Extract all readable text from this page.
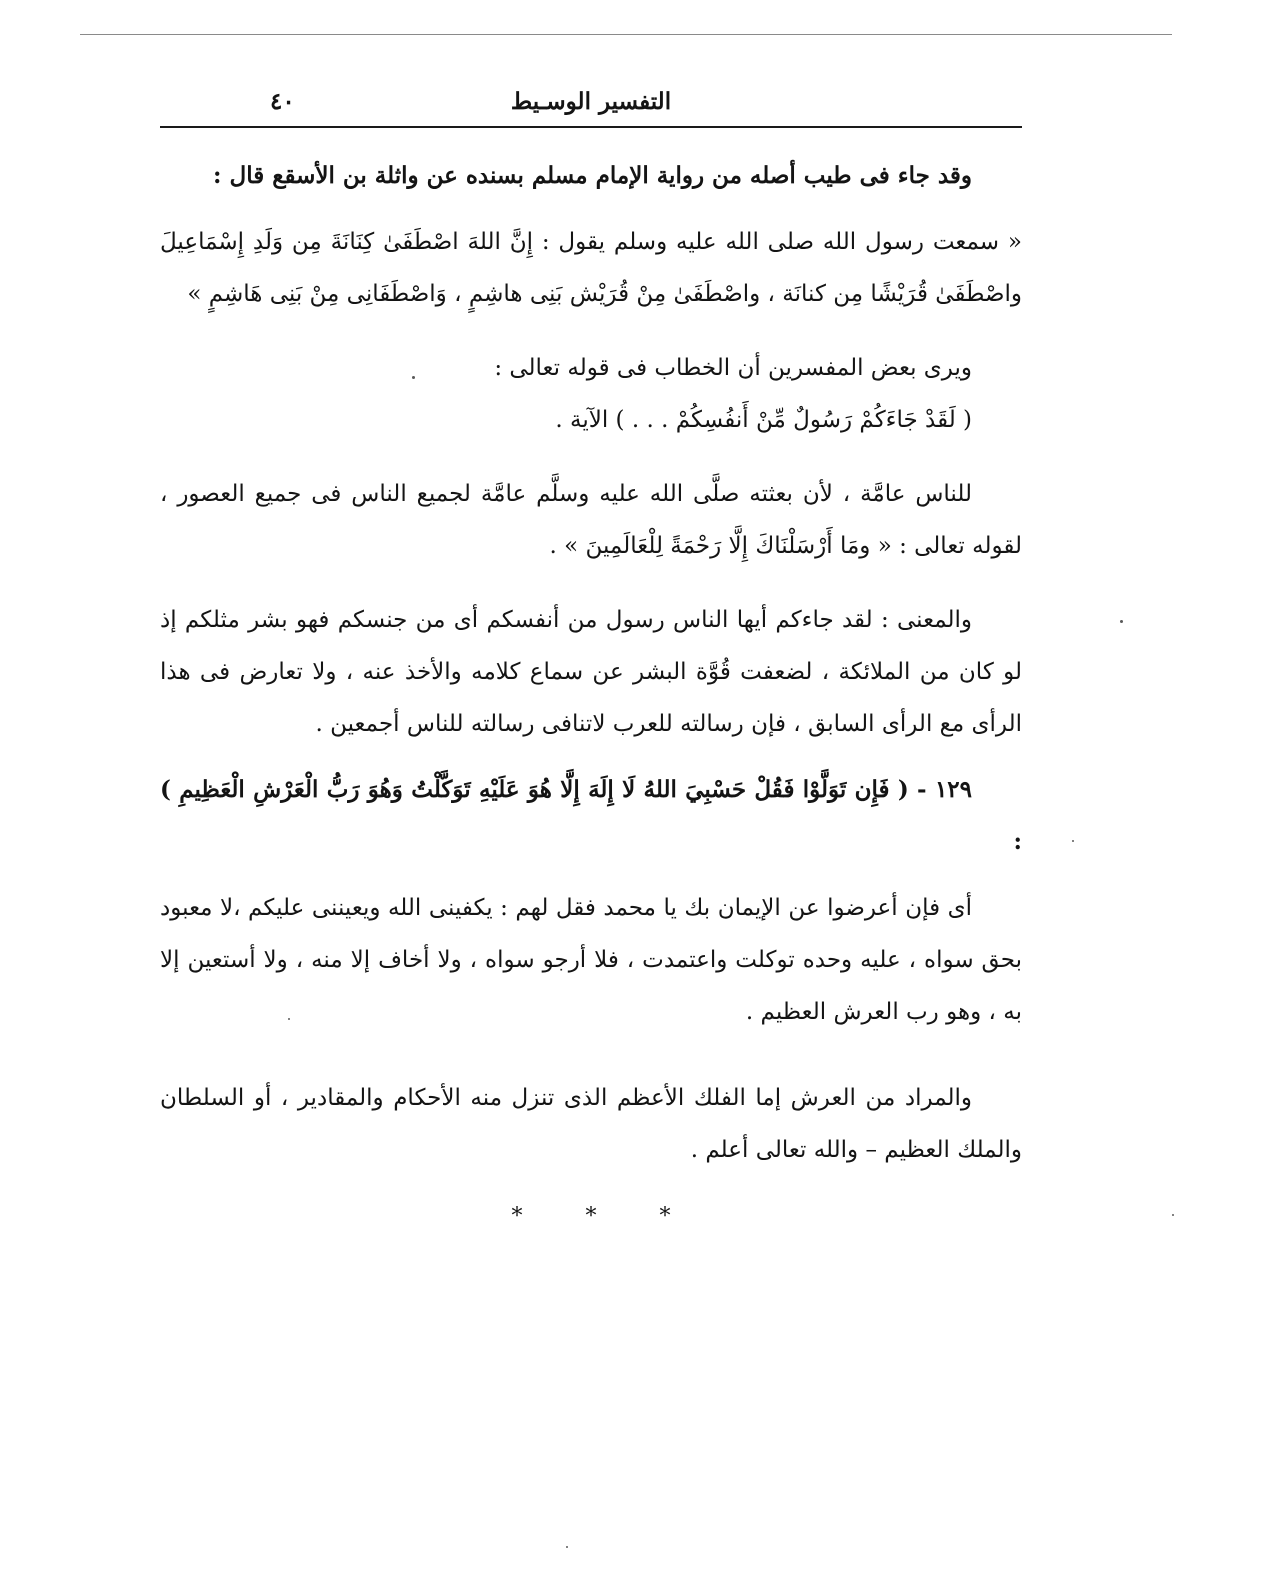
التفسير الوسـيط
٤٠

وقد جاء فى طيب أصله من رواية الإمام مسلم بسنده عن واثلة بن الأسقع قال :

« سمعت رسول الله صلى الله عليه وسلم يقول : إِنَّ اللهَ اصْطَفَىٰ كِنَانَةَ مِن وَلَدِ إِسْمَاعِيلَ واصْطَفَىٰ قُرَيْشًا مِن كنانَة ، واصْطَفَىٰ مِنْ قُرَيْش بَنِى هاشِمٍ ، وَاصْطَفَانِى مِنْ بَنِى هَاشِمٍ »

ويرى بعض المفسرين أن الخطاب فى قوله تعالى :

( لَقَدْ جَاءَكُمْ رَسُولٌ مِّنْ أَنفُسِكُمْ . . . ) الآية .

للناس عامَّة ، لأن بعثته صلَّى الله عليه وسلَّم عامَّة لجميع الناس فى جميع العصور ، لقوله تعالى : « ومَا أَرْسَلْنَاكَ إِلَّا رَحْمَةً لِلْعَالَمِينَ » .

والمعنى : لقد جاءكم أيها الناس رسول من أنفسكم أى من جنسكم فهو بشر مثلكم إذ لو كان من الملائكة ، لضعفت قُوَّة البشر عن سماع كلامه والأخذ عنه ، ولا تعارض فى هذا الرأى مع الرأى السابق ، فإن رسالته للعرب لاتنافى رسالته للناس أجمعين .

١٢٩ - ( فَإِن تَوَلَّوْا فَقُلْ حَسْبِيَ اللهُ لَا إِلَهَ إِلَّا هُوَ عَلَيْهِ تَوَكَّلْتُ وَهُوَ رَبُّ الْعَرْشِ الْعَظِيمِ ) :

أى فإن أعرضوا عن الإيمان بك يا محمد فقل لهم : يكفينى الله ويعيننى عليكم ،لا معبود بحق سواه ، عليه وحده توكلت واعتمدت ، فلا أرجو سواه ، ولا أخاف إلا منه ، ولا أستعين إلا به ، وهو رب العرش العظيم .

والمراد من العرش إما الفلك الأعظم الذى تنزل منه الأحكام والمقادير ، أو السلطان والملك العظيم – والله تعالى أعلم .

* * *
